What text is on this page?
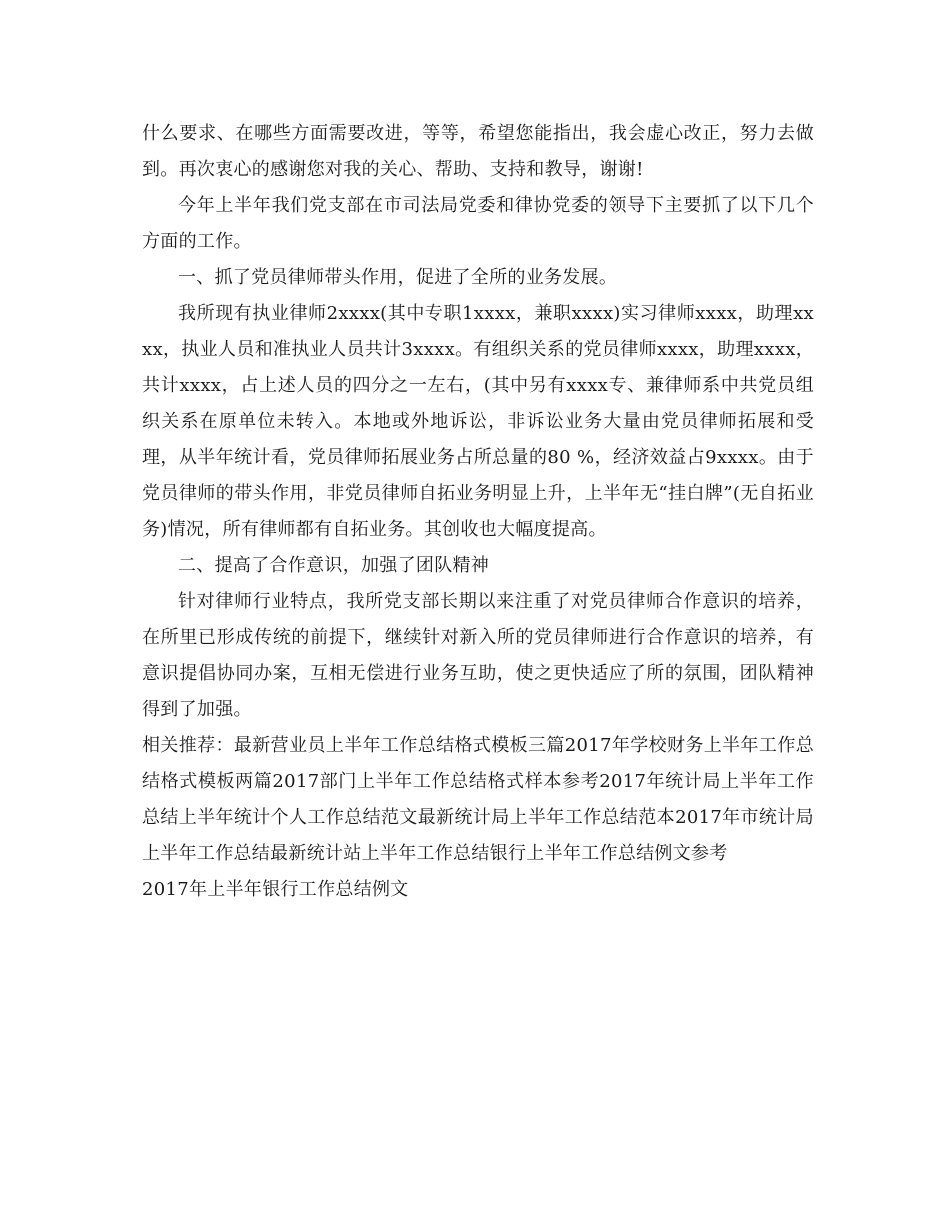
什么要求、在哪些方面需要改进，等等，希望您能指出，我会虚心改正，努力去做到。再次衷心的感谢您对我的关心、帮助、支持和教导，谢谢!

今年上半年我们党支部在市司法局党委和律协党委的领导下主要抓了以下几个方面的工作。

一、抓了党员律师带头作用，促进了全所的业务发展。

我所现有执业律师2xxxx(其中专职1xxxx，兼职xxxx)实习律师xxxx，助理xxxx，执业人员和准执业人员共计3xxxx。有组织关系的党员律师xxxx，助理xxxx，共计xxxx，占上述人员的四分之一左右，(其中另有xxxx专、兼律师系中共党员组织关系在原单位未转入。本地或外地诉讼，非诉讼业务大量由党员律师拓展和受理，从半年统计看，党员律师拓展业务占所总量的80 %，经济效益占9xxxx。由于党员律师的带头作用，非党员律师自拓业务明显上升，上半年无“挂白牌”(无自拓业务)情况，所有律师都有自拓业务。其创收也大幅度提高。

二、提高了合作意识，加强了团队精神

针对律师行业特点，我所党支部长期以来注重了对党员律师合作意识的培养，在所里已形成传统的前提下，继续针对新入所的党员律师进行合作意识的培养，有意识提倡协同办案，互相无偿进行业务互助，使之更快适应了所的氛围，团队精神得到了加强。

相关推荐：最新营业员上半年工作总结格式模板三篇2017年学校财务上半年工作总结格式模板两篇2017部门上半年工作总结格式样本参考2017年统计局上半年工作总结上半年统计个人工作总结范文最新统计局上半年工作总结范本2017年市统计局上半年工作总结最新统计站上半年工作总结银行上半年工作总结例文参考
2017年上半年银行工作总结例文
